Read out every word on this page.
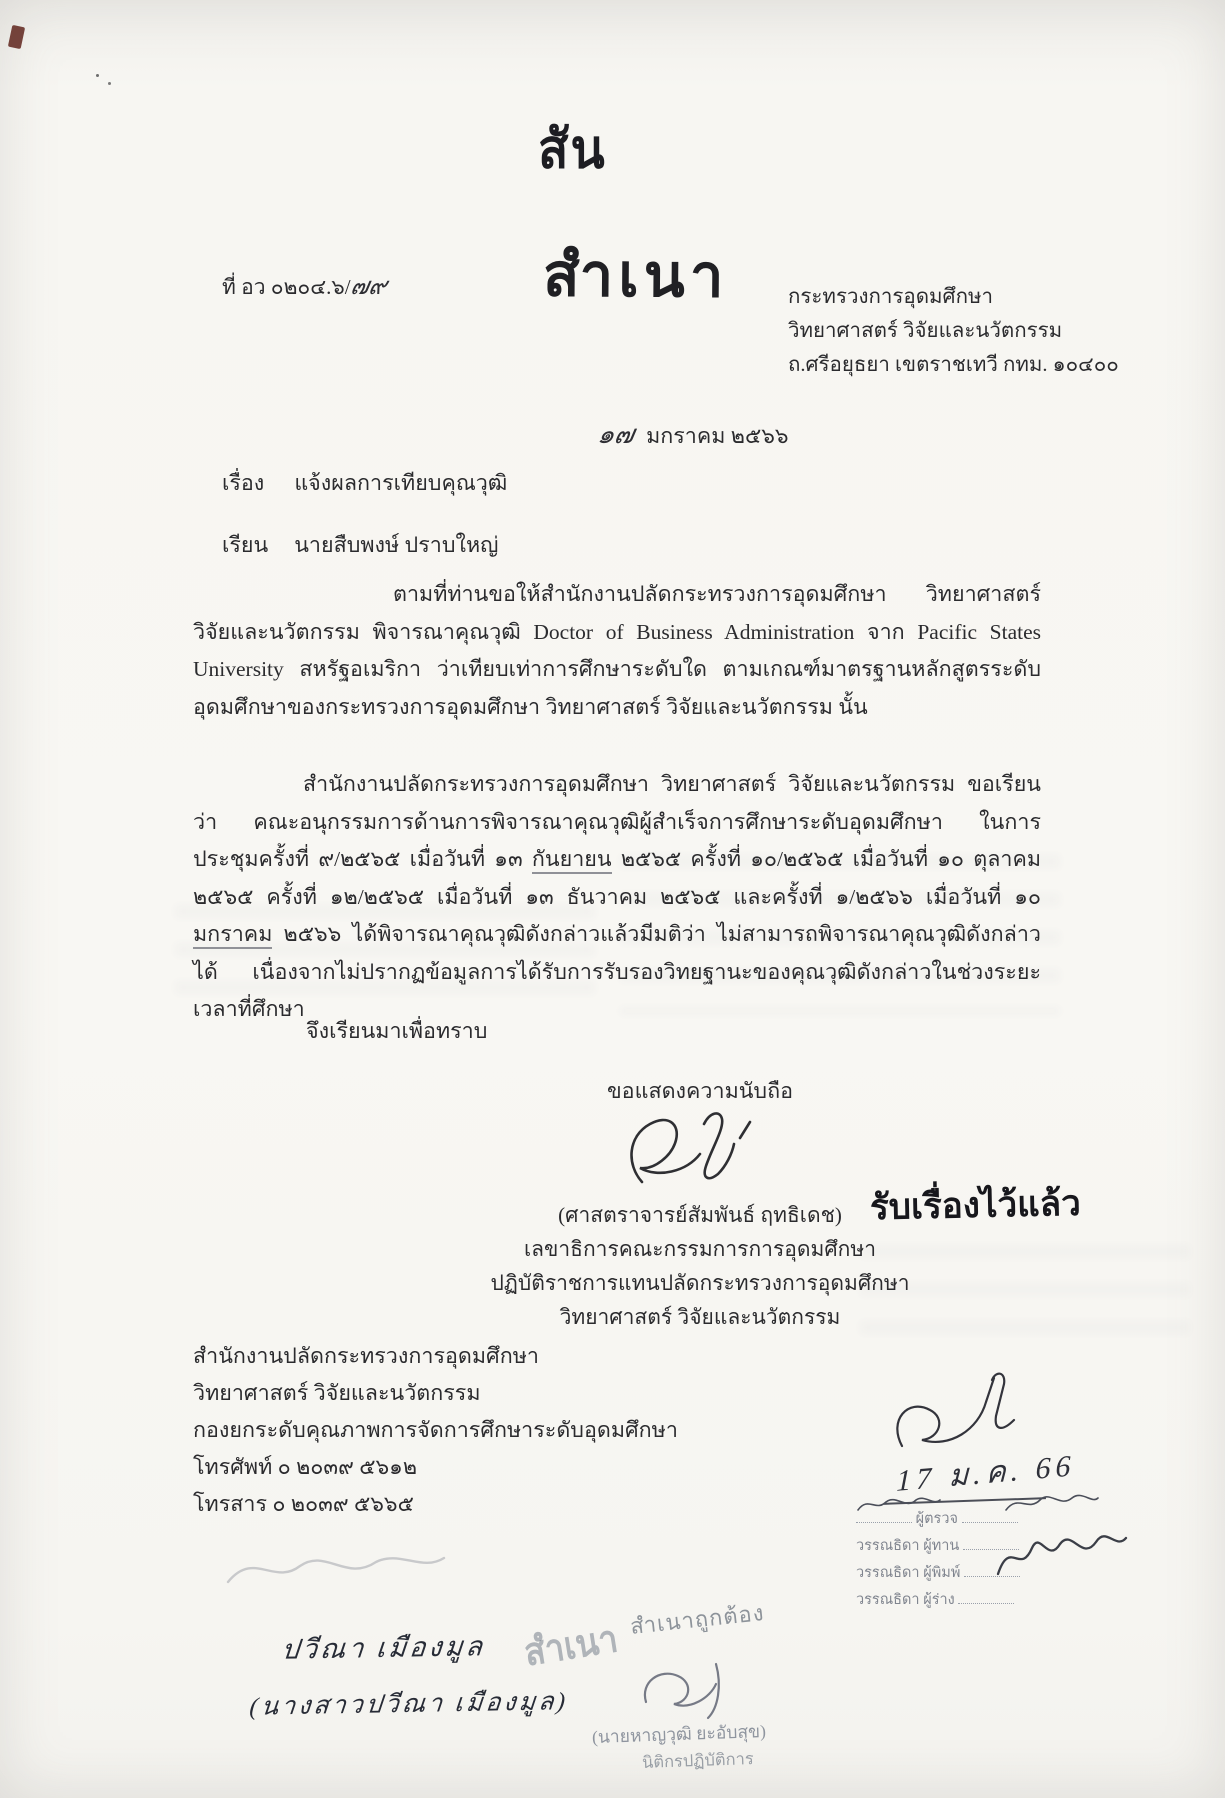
สัน
ที่ อว ๐๒๐๔.๖/๗๙	สำเนา	กระทรวงการอุดมศึกษา
วิทยาศาสตร์ วิจัยและนวัตกรรม
ถ.ศรีอยุธยา เขตราชเทวี กทม. ๑๐๔๐๐
๑๗ มกราคม ๒๕๖๖
เรื่อง แจ้งผลการเทียบคุณวุฒิ
เรียน นายสืบพงษ์ ปราบใหญ่
ตามที่ท่านขอให้สำนักงานปลัดกระทรวงการอุดมศึกษา วิทยาศาสตร์ วิจัยและนวัตกรรม พิจารณาคุณวุฒิ Doctor of Business Administration จาก Pacific States University สหรัฐอเมริกา ว่าเทียบเท่าการศึกษาระดับใด ตามเกณฑ์มาตรฐานหลักสูตรระดับอุดมศึกษาของกระทรวงการอุดมศึกษา วิทยาศาสตร์ วิจัยและนวัตกรรม นั้น
สำนักงานปลัดกระทรวงการอุดมศึกษา วิทยาศาสตร์ วิจัยและนวัตกรรม ขอเรียนว่า คณะอนุกรรมการด้านการพิจารณาคุณวุฒิผู้สำเร็จการศึกษาระดับอุดมศึกษา ในการประชุมครั้งที่ ๙/๒๕๖๕ เมื่อวันที่ ๑๓ กันยายน ๒๕๖๕ ครั้งที่ ๑๐/๒๕๖๕ เมื่อวันที่ ๑๐ ตุลาคม ๒๕๖๕ ครั้งที่ ๑๒/๒๕๖๕ เมื่อวันที่ ๑๓ ธันวาคม ๒๕๖๕ และครั้งที่ ๑/๒๕๖๖ เมื่อวันที่ ๑๐ มกราคม ๒๕๖๖ ได้พิจารณาคุณวุฒิดังกล่าวแล้วมีมติว่า ไม่สามารถพิจารณาคุณวุฒิดังกล่าวได้ เนื่องจากไม่ปรากฏข้อมูลการได้รับการรับรองวิทยฐานะของคุณวุฒิดังกล่าวในช่วงระยะเวลาที่ศึกษา
จึงเรียนมาเพื่อทราบ
ขอแสดงความนับถือ
(ศาสตราจารย์สัมพันธ์ ฤทธิเดช)
เลขาธิการคณะกรรมการการอุดมศึกษา
ปฏิบัติราชการแทนปลัดกระทรวงการอุดมศึกษา
วิทยาศาสตร์ วิจัยและนวัตกรรม
สำนักงานปลัดกระทรวงการอุดมศึกษา
วิทยาศาสตร์ วิจัยและนวัตกรรม
กองยกระดับคุณภาพการจัดการศึกษาระดับอุดมศึกษา
โทรศัพท์ ๐ ๒๐๓๙ ๕๖๑๒
โทรสาร ๐ ๒๐๓๙ ๕๖๖๕
รับเรื่องไว้แล้ว
17 ม.ค. 66
ผู้ตรวจ
วรรณธิดา ผู้ทาน
วรรณธิดา ผู้พิมพ์
วรรณธิดา ผู้ร่าง
ปวีณา เมืองมูล
(นางสาวปวีณา เมืองมูล)
สำเนา สำเนาถูกต้อง
(นายหาญวุฒิ ยะอับสุข)
นิติกรปฏิบัติการ
